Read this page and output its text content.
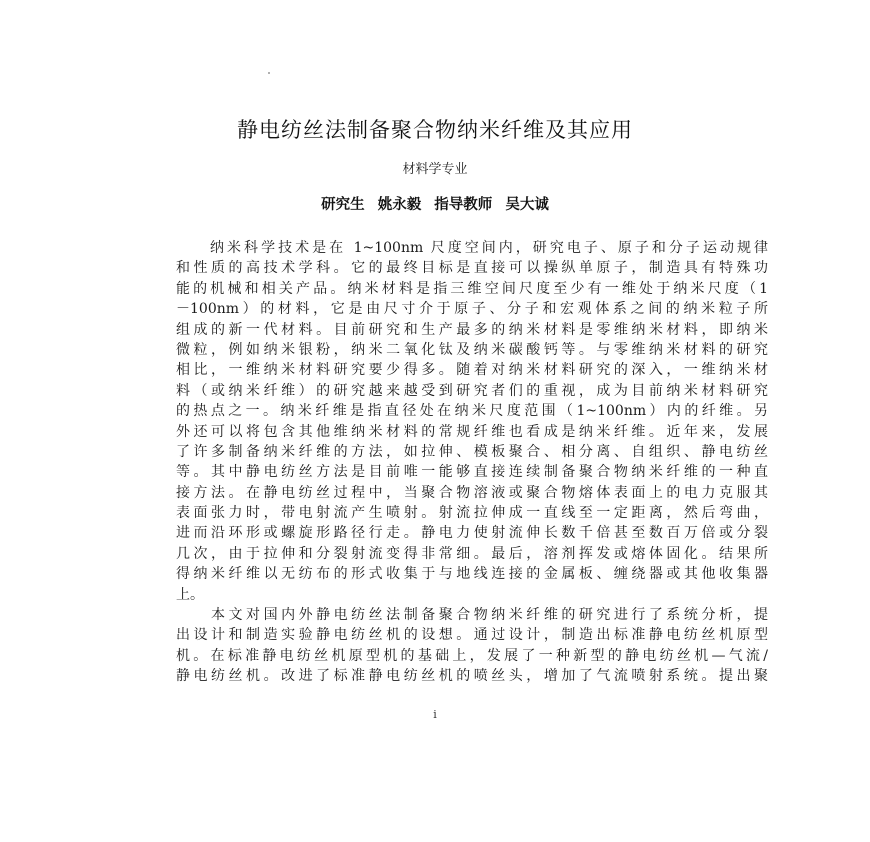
静电纺丝法制备聚合物纳米纤维及其应用
材料学专业
研究生 姚永毅 指导教师 吴大诚
　　纳米科学技术是在 1~100nm 尺度空间内，研究电子、原子和分子运动规律
和性质的高技术学科。它的最终目标是直接可以操纵单原子，制造具有特殊功
能的机械和相关产品。纳米材料是指三维空间尺度至少有一维处于纳米尺度（1
－100nm）的材料，它是由尺寸介于原子、分子和宏观体系之间的纳米粒子所
组成的新一代材料。目前研究和生产最多的纳米材料是零维纳米材料，即纳米
微粒，例如纳米银粉，纳米二氧化钛及纳米碳酸钙等。与零维纳米材料的研究
相比，一维纳米材料研究要少得多。随着对纳米材料研究的深入，一维纳米材
料（或纳米纤维）的研究越来越受到研究者们的重视，成为目前纳米材料研究
的热点之一。纳米纤维是指直径处在纳米尺度范围（1~100nm）内的纤维。另
外还可以将包含其他维纳米材料的常规纤维也看成是纳米纤维。近年来，发展
了许多制备纳米纤维的方法，如拉伸、模板聚合、相分离、自组织、静电纺丝
等。其中静电纺丝方法是目前唯一能够直接连续制备聚合物纳米纤维的一种直
接方法。在静电纺丝过程中，当聚合物溶液或聚合物熔体表面上的电力克服其
表面张力时，带电射流产生喷射。射流拉伸成一直线至一定距离，然后弯曲，
进而沿环形或螺旋形路径行走。静电力使射流伸长数千倍甚至数百万倍或分裂
几次，由于拉伸和分裂射流变得非常细。最后，溶剂挥发或熔体固化。结果所
得纳米纤维以无纺布的形式收集于与地线连接的金属板、缠绕器或其他收集器
上。
　　本文对国内外静电纺丝法制备聚合物纳米纤维的研究进行了系统分析，提
出设计和制造实验静电纺丝机的设想。通过设计，制造出标准静电纺丝机原型
机。在标准静电纺丝机原型机的基础上，发展了一种新型的静电纺丝机—气流/
静电纺丝机。改进了标准静电纺丝机的喷丝头，增加了气流喷射系统。提出聚
i
